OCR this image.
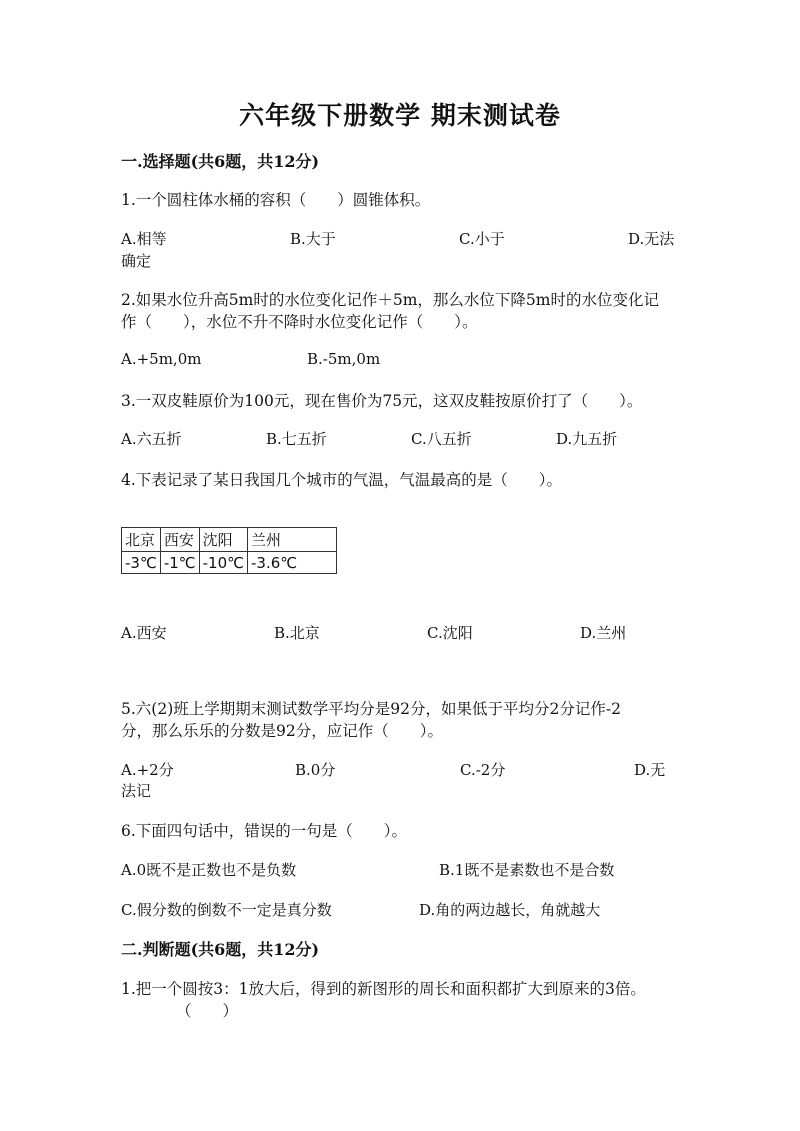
六年级下册数学 期末测试卷
一.选择题(共6题，共12分)
1.一个圆柱体水桶的容积（　　）圆锥体积。
A.相等	B.大于	C.小于	D.无法
确定
2.如果水位升高5m时的水位变化记作＋5m，那么水位下降5m时的水位变化记
作（　　），水位不升不降时水位变化记作（　　）。
A.+5m,0m	B.-5m,0m
3.一双皮鞋原价为100元，现在售价为75元，这双皮鞋按原价打了（　　）。
A.六五折	B.七五折	C.八五折	D.九五折
4.下表记录了某日我国几个城市的气温，气温最高的是（　　）。
北京	西安	沈阳	兰州
-3℃	-1℃	-10℃	-3.6℃
A.西安	B.北京	C.沈阳	D.兰州
5.六(2)班上学期期末测试数学平均分是92分，如果低于平均分2分记作-2
分，那么乐乐的分数是92分，应记作（　　）。
A.+2分	B.0分	C.-2分	D.无
法记
6.下面四句话中，错误的一句是（　　）。
A.0既不是正数也不是负数	B.1既不是素数也不是合数
C.假分数的倒数不一定是真分数	D.角的两边越长，角就越大
二.判断题(共6题，共12分)
1.把一个圆按3：1放大后，得到的新图形的周长和面积都扩大到原来的3倍。
（　　）
